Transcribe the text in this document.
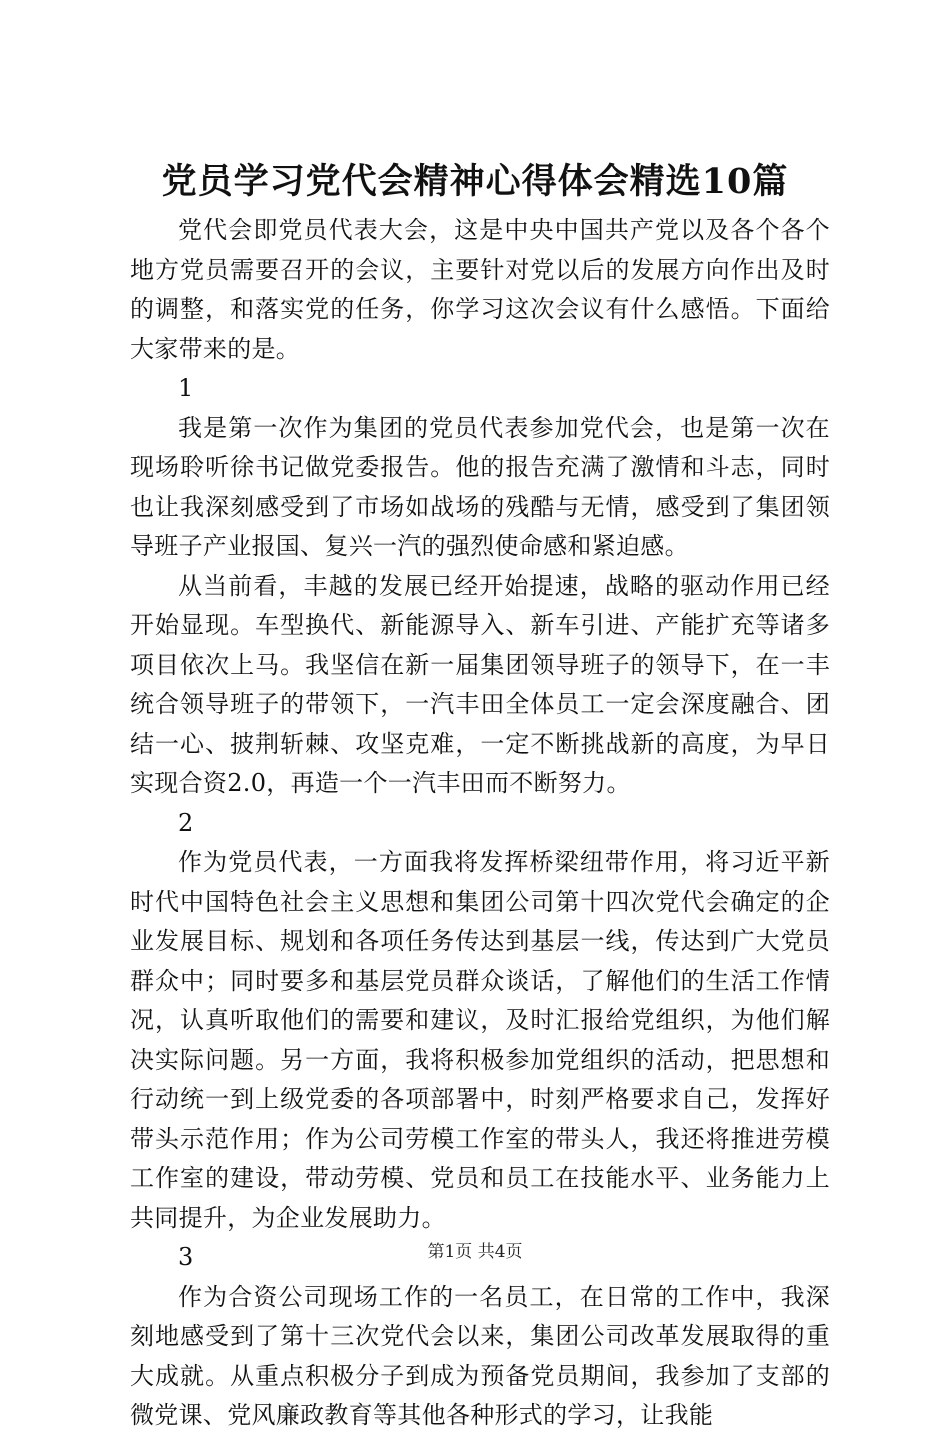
党员学习党代会精神心得体会精选10篇

党代会即党员代表大会，这是中央中国共产党以及各个各个地方党员需要召开的会议，主要针对党以后的发展方向作出及时的调整，和落实党的任务，你学习这次会议有什么感悟。下面给大家带来的是。

1

我是第一次作为集团的党员代表参加党代会，也是第一次在现场聆听徐书记做党委报告。他的报告充满了激情和斗志，同时也让我深刻感受到了市场如战场的残酷与无情，感受到了集团领导班子产业报国、复兴一汽的强烈使命感和紧迫感。

从当前看，丰越的发展已经开始提速，战略的驱动作用已经开始显现。车型换代、新能源导入、新车引进、产能扩充等诸多项目依次上马。我坚信在新一届集团领导班子的领导下，在一丰统合领导班子的带领下，一汽丰田全体员工一定会深度融合、团结一心、披荆斩棘、攻坚克难，一定不断挑战新的高度，为早日实现合资2.0，再造一个一汽丰田而不断努力。

2

作为党员代表，一方面我将发挥桥梁纽带作用，将习近平新时代中国特色社会主义思想和集团公司第十四次党代会确定的企业发展目标、规划和各项任务传达到基层一线，传达到广大党员群众中；同时要多和基层党员群众谈话，了解他们的生活工作情况，认真听取他们的需要和建议，及时汇报给党组织，为他们解决实际问题。另一方面，我将积极参加党组织的活动，把思想和行动统一到上级党委的各项部署中，时刻严格要求自己，发挥好带头示范作用；作为公司劳模工作室的带头人，我还将推进劳模工作室的建设，带动劳模、党员和员工在技能水平、业务能力上共同提升，为企业发展助力。

3

作为合资公司现场工作的一名员工，在日常的工作中，我深刻地感受到了第十三次党代会以来，集团公司改革发展取得的重大成就。从重点积极分子到成为预备党员期间，我参加了支部的微党课、党风廉政教育等其他各种形式的学习，让我能

第1页 共4页
